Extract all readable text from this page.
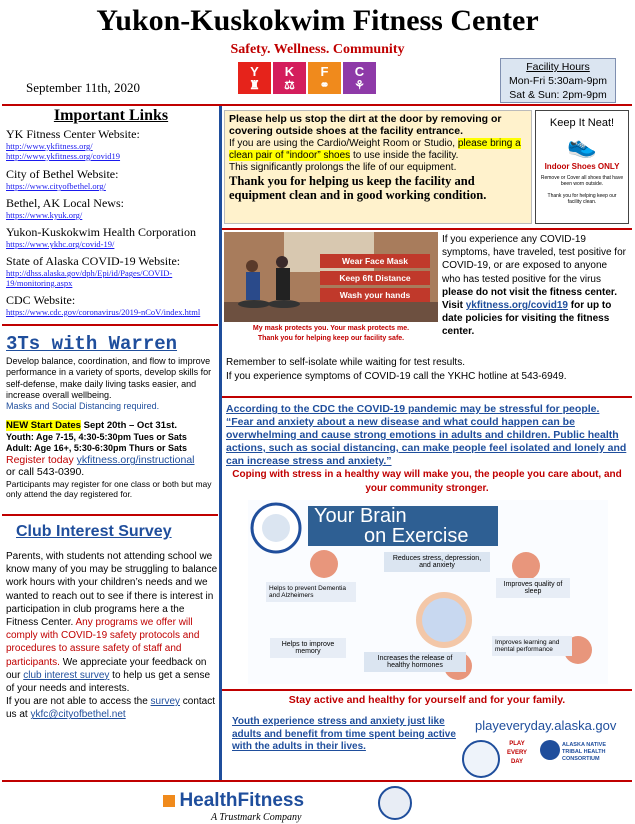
Yukon-Kuskokwim Fitness Center
Safety. Wellness. Community
September 11th, 2020
Y
♜
K
⚖
F
⚭
C
⚘
Facility Hours
Mon-Fri 5:30am-9pm
Sat & Sun: 2pm-9pm
Important Links
YK Fitness Center Website:
http://www.ykfitness.org/
http://www.ykfitness.org/covid19
City of Bethel Website:
https://www.cityofbethel.org/
Bethel, AK Local News:
https://www.kyuk.org/
Yukon-Kuskokwim Health Corporation
https://www.ykhc.org/covid-19/
State of Alaska COVID-19 Website:
http://dhss.alaska.gov/dph/Epi/id/Pages/COVID-19/monitoring.aspx
CDC Website:
https://www.cdc.gov/coronavirus/2019-nCoV/index.html
3Ts with Warren
Develop balance, coordination, and flow to improve performance in a variety of sports, develop skills for self-defense, make daily living tasks easier, and increase overall wellbeing.
Masks and Social Distancing required.
NEW Start Dates Sept 20th – Oct 31st.
Youth: Age 7-15, 4:30-5:30pm Tues or Sats
Adult: Age 16+, 5:30-6:30pm Thurs or Sats
Register today ykfitness.org/instructional
or call 543-0390.
Participants may register for one class or both but may only attend the day registered for.
Club Interest Survey
Parents, with students not attending school we know many of you may be struggling to balance work hours with your children’s needs and we wanted to reach out to see if there is interest in participation in club programs here a the Fitness Center. Any programs we offer will comply with COVID-19 safety protocols and procedures to assure safety of staff and participants. We appreciate your feedback on our club interest survey to help us get a sense of your needs and interests.
If you are not able to access the survey contact us at ykfc@cityofbethel.net
Please help us stop the dirt at the door by removing or covering outside shoes at the facility entrance.
If you are using the Cardio/Weight Room or Studio, please bring a clean pair of “indoor” shoes to use inside the facility.
This significantly prolongs the life of our equipment.
Thank you for helping us keep the facility and equipment clean and in good working condition.
Keep It Neat!
👟
Indoor Shoes ONLY
Remove or Cover all shoes that have been worn outside.
Thank you for helping keep our facility clean.
Wear Face Mask
Keep 6ft Distance
Wash your hands
My mask protects you. Your mask protects me.
Thank you for helping keep our facility safe.
If you experience any COVID-19 symptoms, have traveled, test positive for COVID-19, or are exposed to anyone who has tested positive for the virus please do not visit the fitness center. Visit ykfitness.org/covid19 for up to date policies for visiting the fitness center.
Remember to self-isolate while waiting for test results.
If you experience symptoms of COVID-19 call the YKHC hotline at 543-6949.
According to the CDC the COVID-19 pandemic may be stressful for people. “Fear and anxiety about a new disease and what could happen can be overwhelming and cause strong emotions in adults and children. Public health actions, such as social distancing, can make people feel isolated and lonely and can increase stress and anxiety.”
Coping with stress in a healthy way will make you, the people you care about, and your community stronger.
Your Brain
on Exercise
Reduces stress, depression, and anxiety
Helps to prevent Dementia and Alzheimers
Improves quality of sleep
Helps to improve memory
Increases the release of healthy hormones
Improves learning and mental performance
Stay active and healthy for yourself and for your family.
Youth experience stress and anxiety just like adults and benefit from time spent being active with the adults in their lives.
playeveryday.alaska.gov
PLAY
EVERY
DAY
ALASKA NATIVE
TRIBAL HEALTH
CONSORTIUM
HealthFitness
A Trustmark Company
